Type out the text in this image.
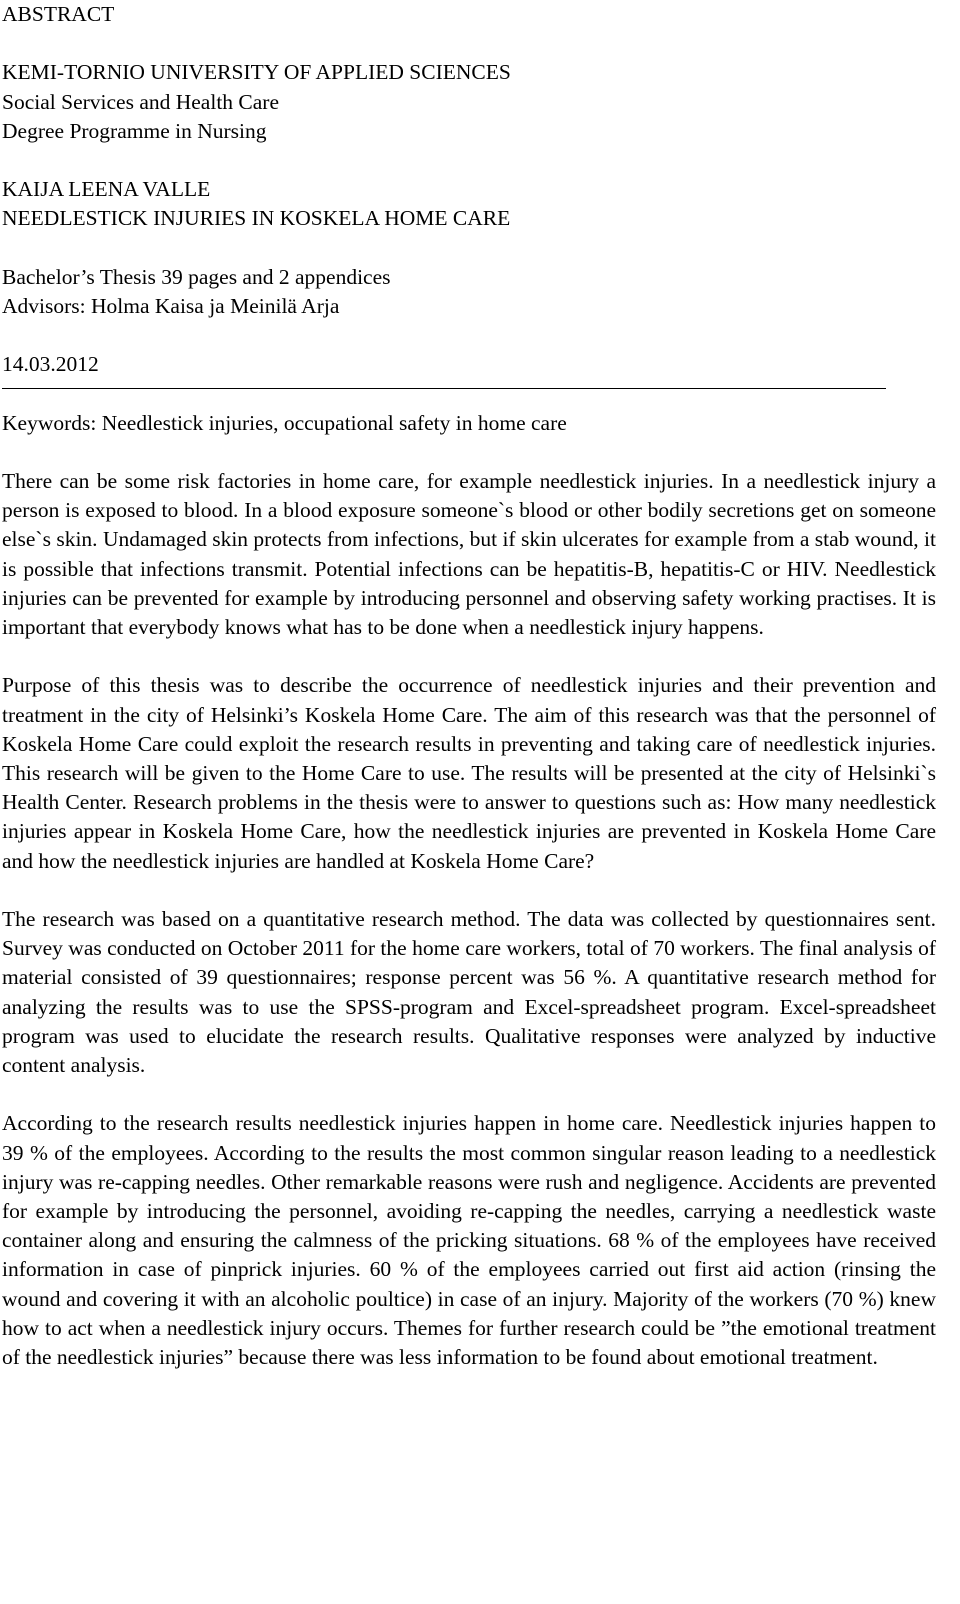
ABSTRACT
KEMI-TORNIO UNIVERSITY OF APPLIED SCIENCES
Social Services and Health Care
Degree Programme in Nursing
KAIJA LEENA VALLE
NEEDLESTICK INJURIES IN KOSKELA HOME CARE
Bachelor’s Thesis 39 pages and 2 appendices
Advisors: Holma Kaisa ja Meinilä Arja
14.03.2012
Keywords: Needlestick injuries, occupational safety in home care

There can be some risk factories in home care, for example needlestick injuries. In a needlestick injury a person is exposed to blood. In a blood exposure someone`s blood or other bodily secretions get on someone else`s skin. Undamaged skin protects from infections, but if skin ulcerates for example from a stab wound, it is possible that infections transmit. Potential infections can be hepatitis-B, hepatitis-C or HIV. Needlestick injuries can be prevented for example by introducing personnel and observing safety working practises. It is important that everybody knows what has to be done when a needlestick injury happens.

Purpose of this thesis was to describe the occurrence of needlestick injuries and their prevention and treatment in the city of Helsinki’s Koskela Home Care. The aim of this research was that the personnel of Koskela Home Care could exploit the research results in preventing and taking care of needlestick injuries. This research will be given to the Home Care to use. The results will be presented at the city of Helsinki`s Health Center. Research problems in the thesis were to answer to questions such as: How many needlestick injuries appear in Koskela Home Care, how the needlestick injuries are prevented in Koskela Home Care and how the needlestick injuries are handled at Koskela Home Care?

The research was based on a quantitative research method. The data was collected by questionnaires sent. Survey was conducted on October 2011 for the home care workers, total of 70 workers. The final analysis of material consisted of 39 questionnaires; response percent was 56 %. A quantitative research method for analyzing the results was to use the SPSS-program and Excel-spreadsheet program. Excel-spreadsheet program was used to elucidate the research results. Qualitative responses were analyzed by inductive content analysis.

According to the research results needlestick injuries happen in home care. Needlestick injuries happen to 39 % of the employees. According to the results the most common singular reason leading to a needlestick injury was re-capping needles. Other remarkable reasons were rush and negligence. Accidents are prevented for example by introducing the personnel, avoiding re-capping the needles, carrying a needlestick waste container along and ensuring the calmness of the pricking situations. 68 % of the employees have received information in case of pinprick injuries. 60 % of the employees carried out first aid action (rinsing the wound and covering it with an alcoholic poultice) in case of an injury. Majority of the workers (70 %) knew how to act when a needlestick injury occurs. Themes for further research could be ”the emotional treatment of the needlestick injuries” because there was less information to be found about emotional treatment.
